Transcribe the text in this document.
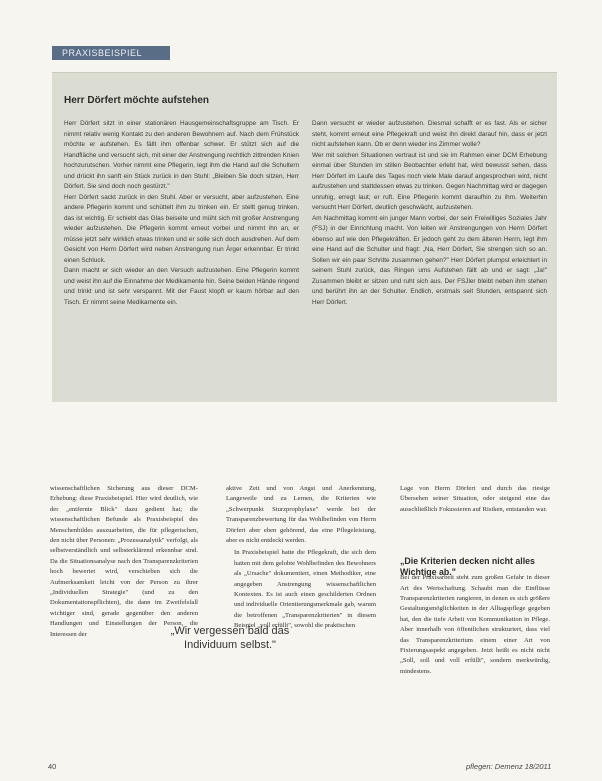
PRAXISBEISPIEL
Herr Dörfert möchte aufstehen

Herr Dörfert sitzt in einer stationären Hausgemeinschaftsgruppe am Tisch. Er nimmt relativ wenig Kontakt zu den anderen Bewohnern auf. Nach dem Frühstück möchte er aufstehen. Es fällt ihm offenbar schwer. Er stützt sich auf die Handfläche und versucht sich, mit einer der Anstrengung rechtlich zittrenden Knien hochzurutschen. Vorher nimmt eine Pflegerin, legt ihm die Hand auf die Schultern und drückt ihn sanft ein Stück zurück in den Stuhl: „Bleiben Sie doch sitzen, Herr Dörfert. Sie sind doch noch gestürzt."

Herr Dörfert sackt zurück in den Stuhl. Aber er versucht, aber aufzustehen. Eine andere Pflegerin kommt und schüttelt ihm zu trinken ein. Er stellt genug trinken, das ist wichtig. Er schiebt das Glas beiseite und müht sich mit großer Anstrengung wieder aufzustehen. Die Pflegerin kommt erneut vorbei und nimmt ihn an, er müsse jetzt sehr wirklich etwas trinken und er solle sich doch ausdrehen. Auf dem Gesicht von Herrn Dörfert wird neben Anstrengung nun Ärger erkennbar. Er trinkt einen Schluck.

Dann macht er sich wieder an den Versuch aufzustehen. Eine Pflegerin kommt und weist ihn auf die Einnahme der Medikamente hin. Seine beiden Hände ringend und trinkt und ist sehr verspannt. Mit der Faust klopft er kaum hörbar auf den Tisch. Er nimmt seine Medikamente ein.

Dann versucht er wieder aufzustehen. Diesmal schafft er es fast. Als er sicher steht, kommt erneut eine Pflegekraft und weist ihn direkt darauf hin, dass er jetzt nicht aufstehen kann. Ob er denn wieder ins Zimmer wolle?

Wer mit solchen Situationen vertraut ist und sie im Rahmen einer DCM Erhebung einmal über Stunden im stillen Beobachter erlebt hat, wird bewusst sehen, dass Herr Dörfert im Laufe des Tages noch viele Male darauf angesprochen wird, nicht aufzustehen und stattdessen etwas zu trinken. Gegen Nachmittag wird er dagegen unruhig, erregt laut; er ruft. Eine Pflegerin kommt daraufhin zu ihm. Weiterhin versucht Herr Dörfert, deutlich geschwächt, aufzustehen.

Am Nachmittag kommt ein junger Mann vorbei, der sein Freiwilliges Soziales Jahr (FSJ) in der Einrichtung macht. Von leiten wir Anstrengungen von Herrn Dörfert ebenso auf wie den Pflegekräften. Er jedoch geht zu dem älteren Herrn, legt ihm eine Hand auf die Schulter und fragt: „Na, Herr Dörfert, Sie strengen sich so an. Sollen wir ein paar Schritte zusammen gehen?" Herr Dörfert plumpst erleichtert in seinem Stuhl zurück, das Ringen ums Aufstehen fällt ab und er sagt: „Ja!" Zusammen bleibt er sitzen und ruht sich aus. Der FSJler bleibt neben ihm stehen und berührt ihn an der Schulter. Endlich, erstmals seit Stunden, entspannt sich Herr Dörfert.

wissenschaftlichen Sicherung aus dieser DCM-Erhebung: diese Praxisbeispiel. Hier wird deutlich, wie der „entfernte Blick" dazu gedient hat; die wissenschaftlichen Befunde als Praxisbeispiel des Menschenbildes auszuarbeiten, die für pflegerischen, den nicht über Personen: „Prozessanalytik" verfolgt, als selbstverständlich und selbsterklärend erkennbar sind. Da die Situationsanalyse nach den Transparenzkriterien hoch bewertet wird, verschieben sich die Aufmerksamkeit leicht von der Person zu ihrer „Individuellen Strategie" (und zu den Dokumentationspflichten), die dann im Zweifelsfall wichtiger sind, gerade gegenüber den anderen Handlungen und Einstellungen der Person, die Interessen der

aktive Zeit und von Angst und Anerkennung, Langeweile und zu Lernen, die Kriterien wie „Schwerpunkt Sturzprophylaxe" werde bei der Transparenzbewertung für das Wohlbefinden von Herrn Dörfert aber eben gehörend, das eine Pflegeleistung, aber es nicht entdeckt werden.

In Praxisbeispiel hatte die Pflegekraft, die sich dem hatten mit dem gelobte Wohlbefinden des Bewohners als „Ursache" dokumentiert, einen Methodiker, eine angegeben Anstrengung wissenschaftlichen Kontexten. Es ist auch einen geschilderten Ordnen und individuelle Orientierungsmerkmale gab, warum die betroffenen „Transparenzkriterien" in diesem Beispiel „voll erfüllt", sowohl die praktischen

„Wir vergessen bald das Individuum selbst."

Lage von Herrn Dörfert und durch das riesige Übersehen seiner Situation, oder steigend eine das ausschließlich Fokussieren auf Risiken, entstanden war.

Bei der Praxisarbeit steht zum großen Gefahr in dieser Art des Wertschaftung. Schaubt man die Einflüsse Transparenzkriterien rangieren, in denen es sich größere Gestaltungsmöglichkeiten in der Alltagspflege gegeben hat, den die tiefe Arbeit von Kommunikation in Pflege. Aber innerhalb von öffentlichen strukturiert, dass viel das Transparenzkriterium einem einer Art von Fixierungsaspekt angegeben. Jetzt heißt es nicht nicht „Soll, soll und voll erfüllt", sondern merkwürdig, mindestens.

„Die Kriterien decken nicht alles Wichtige ab."
40	pflegen: Demenz 18/2011
